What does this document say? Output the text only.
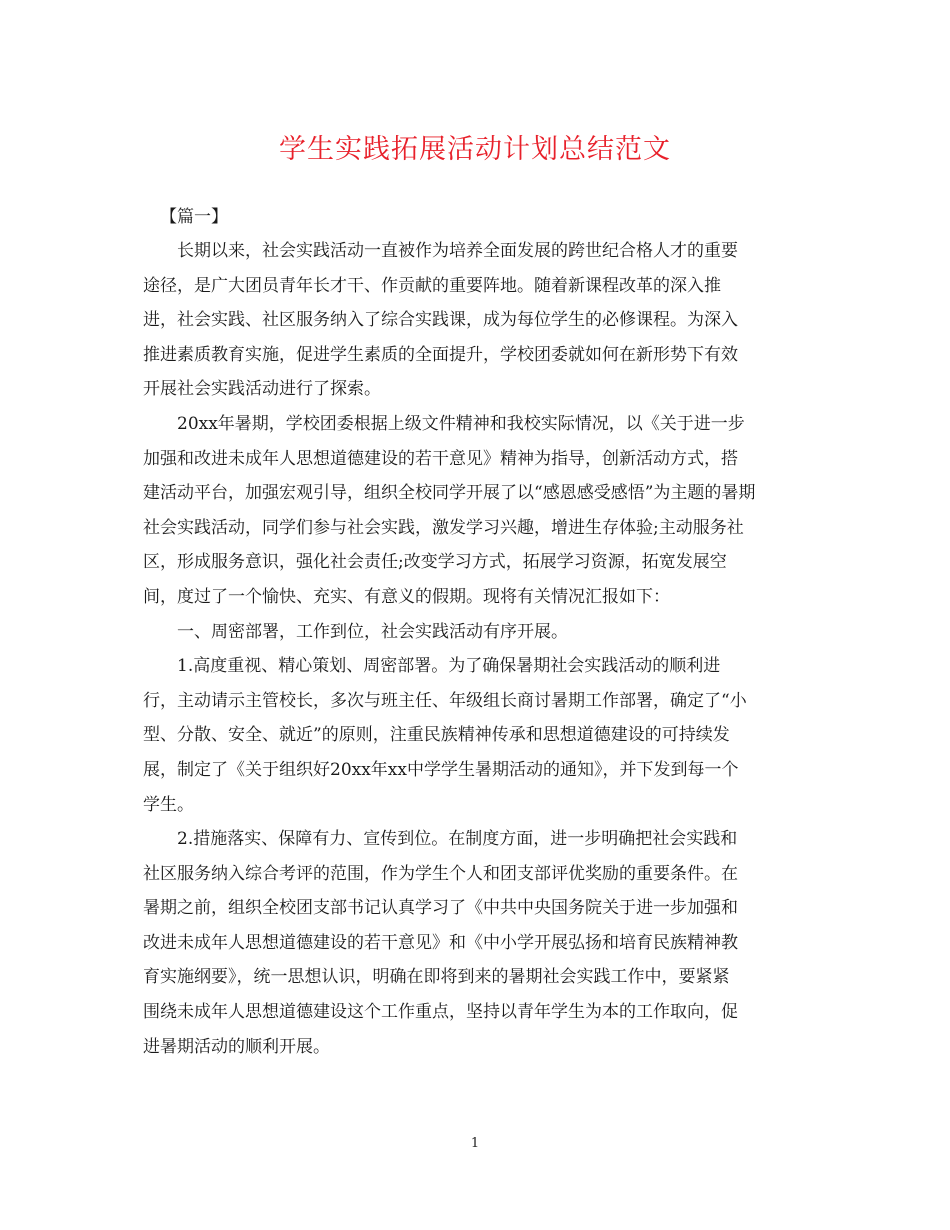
学生实践拓展活动计划总结范文
【篇一】
长期以来，社会实践活动一直被作为培养全面发展的跨世纪合格人才的重要
途径，是广大团员青年长才干、作贡献的重要阵地。随着新课程改革的深入推
进，社会实践、社区服务纳入了综合实践课，成为每位学生的必修课程。为深入
推进素质教育实施，促进学生素质的全面提升，学校团委就如何在新形势下有效
开展社会实践活动进行了探索。
20xx年暑期，学校团委根据上级文件精神和我校实际情况，以《关于进一步
加强和改进未成年人思想道德建设的若干意见》精神为指导，创新活动方式，搭
建活动平台，加强宏观引导，组织全校同学开展了以“感恩感受感悟”为主题的暑期
社会实践活动，同学们参与社会实践，激发学习兴趣，增进生存体验;主动服务社
区，形成服务意识，强化社会责任;改变学习方式，拓展学习资源，拓宽发展空
间，度过了一个愉快、充实、有意义的假期。现将有关情况汇报如下：
一、周密部署，工作到位，社会实践活动有序开展。
1.高度重视、精心策划、周密部署。为了确保暑期社会实践活动的顺利进
行，主动请示主管校长，多次与班主任、年级组长商讨暑期工作部署，确定了“小
型、分散、安全、就近”的原则，注重民族精神传承和思想道德建设的可持续发
展，制定了《关于组织好20xx年xx中学学生暑期活动的通知》，并下发到每一个
学生。
2.措施落实、保障有力、宣传到位。在制度方面，进一步明确把社会实践和
社区服务纳入综合考评的范围，作为学生个人和团支部评优奖励的重要条件。在
暑期之前，组织全校团支部书记认真学习了《中共中央国务院关于进一步加强和
改进未成年人思想道德建设的若干意见》和《中小学开展弘扬和培育民族精神教
育实施纲要》，统一思想认识，明确在即将到来的暑期社会实践工作中，要紧紧
围绕未成年人思想道德建设这个工作重点，坚持以青年学生为本的工作取向，促
进暑期活动的顺利开展。
1
